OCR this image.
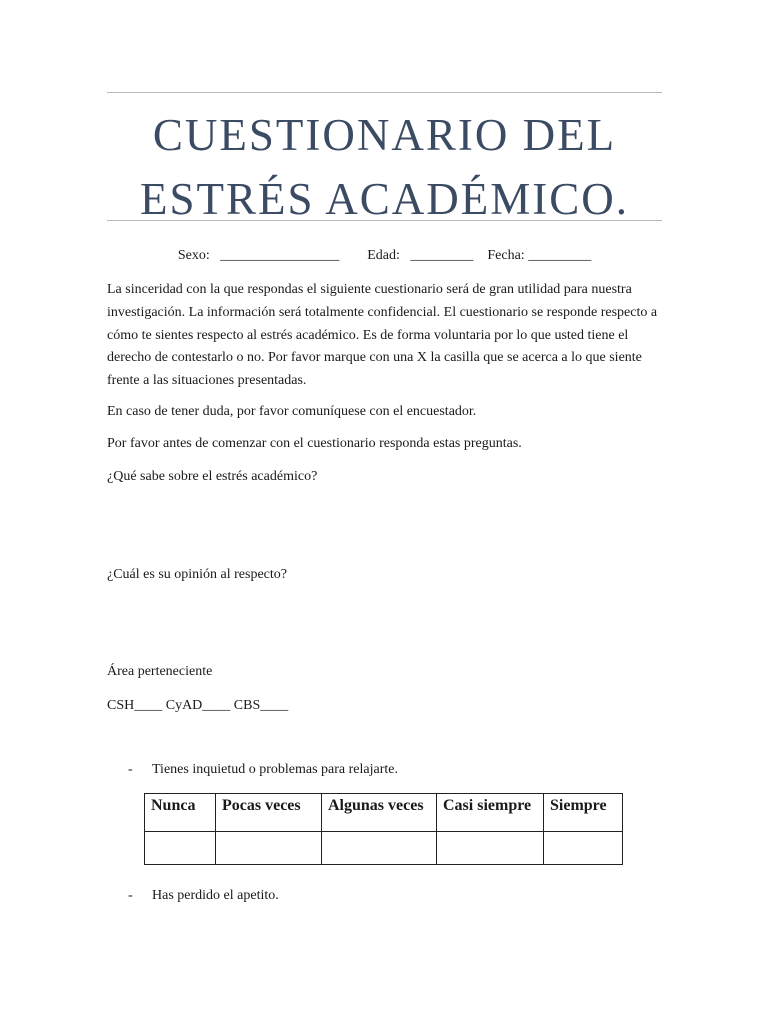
CUESTIONARIO DEL
ESTRÉS ACADÉMICO.
Sexo: _________________ Edad: _________ Fecha: _________

La sinceridad con la que respondas el siguiente cuestionario será de gran utilidad para nuestra investigación. La información será totalmente confidencial. El cuestionario se responde respecto a cómo te sientes respecto al estrés académico. Es de forma voluntaria por lo que usted tiene el derecho de contestarlo o no. Por favor marque con una X la casilla que se acerca a lo que siente frente a las situaciones presentadas.

En caso de tener duda, por favor comuníquese con el encuestador.

Por favor antes de comenzar con el cuestionario responda estas preguntas.

¿Qué sabe sobre el estrés académico?

¿Cuál es su opinión al respecto?

Área perteneciente

CSH____ CyAD____ CBS____

- Tienes inquietud o problemas para relajarte.
Nunca	Pocas veces	Algunas veces	Casi siempre	Siempre

- Has perdido el apetito.
